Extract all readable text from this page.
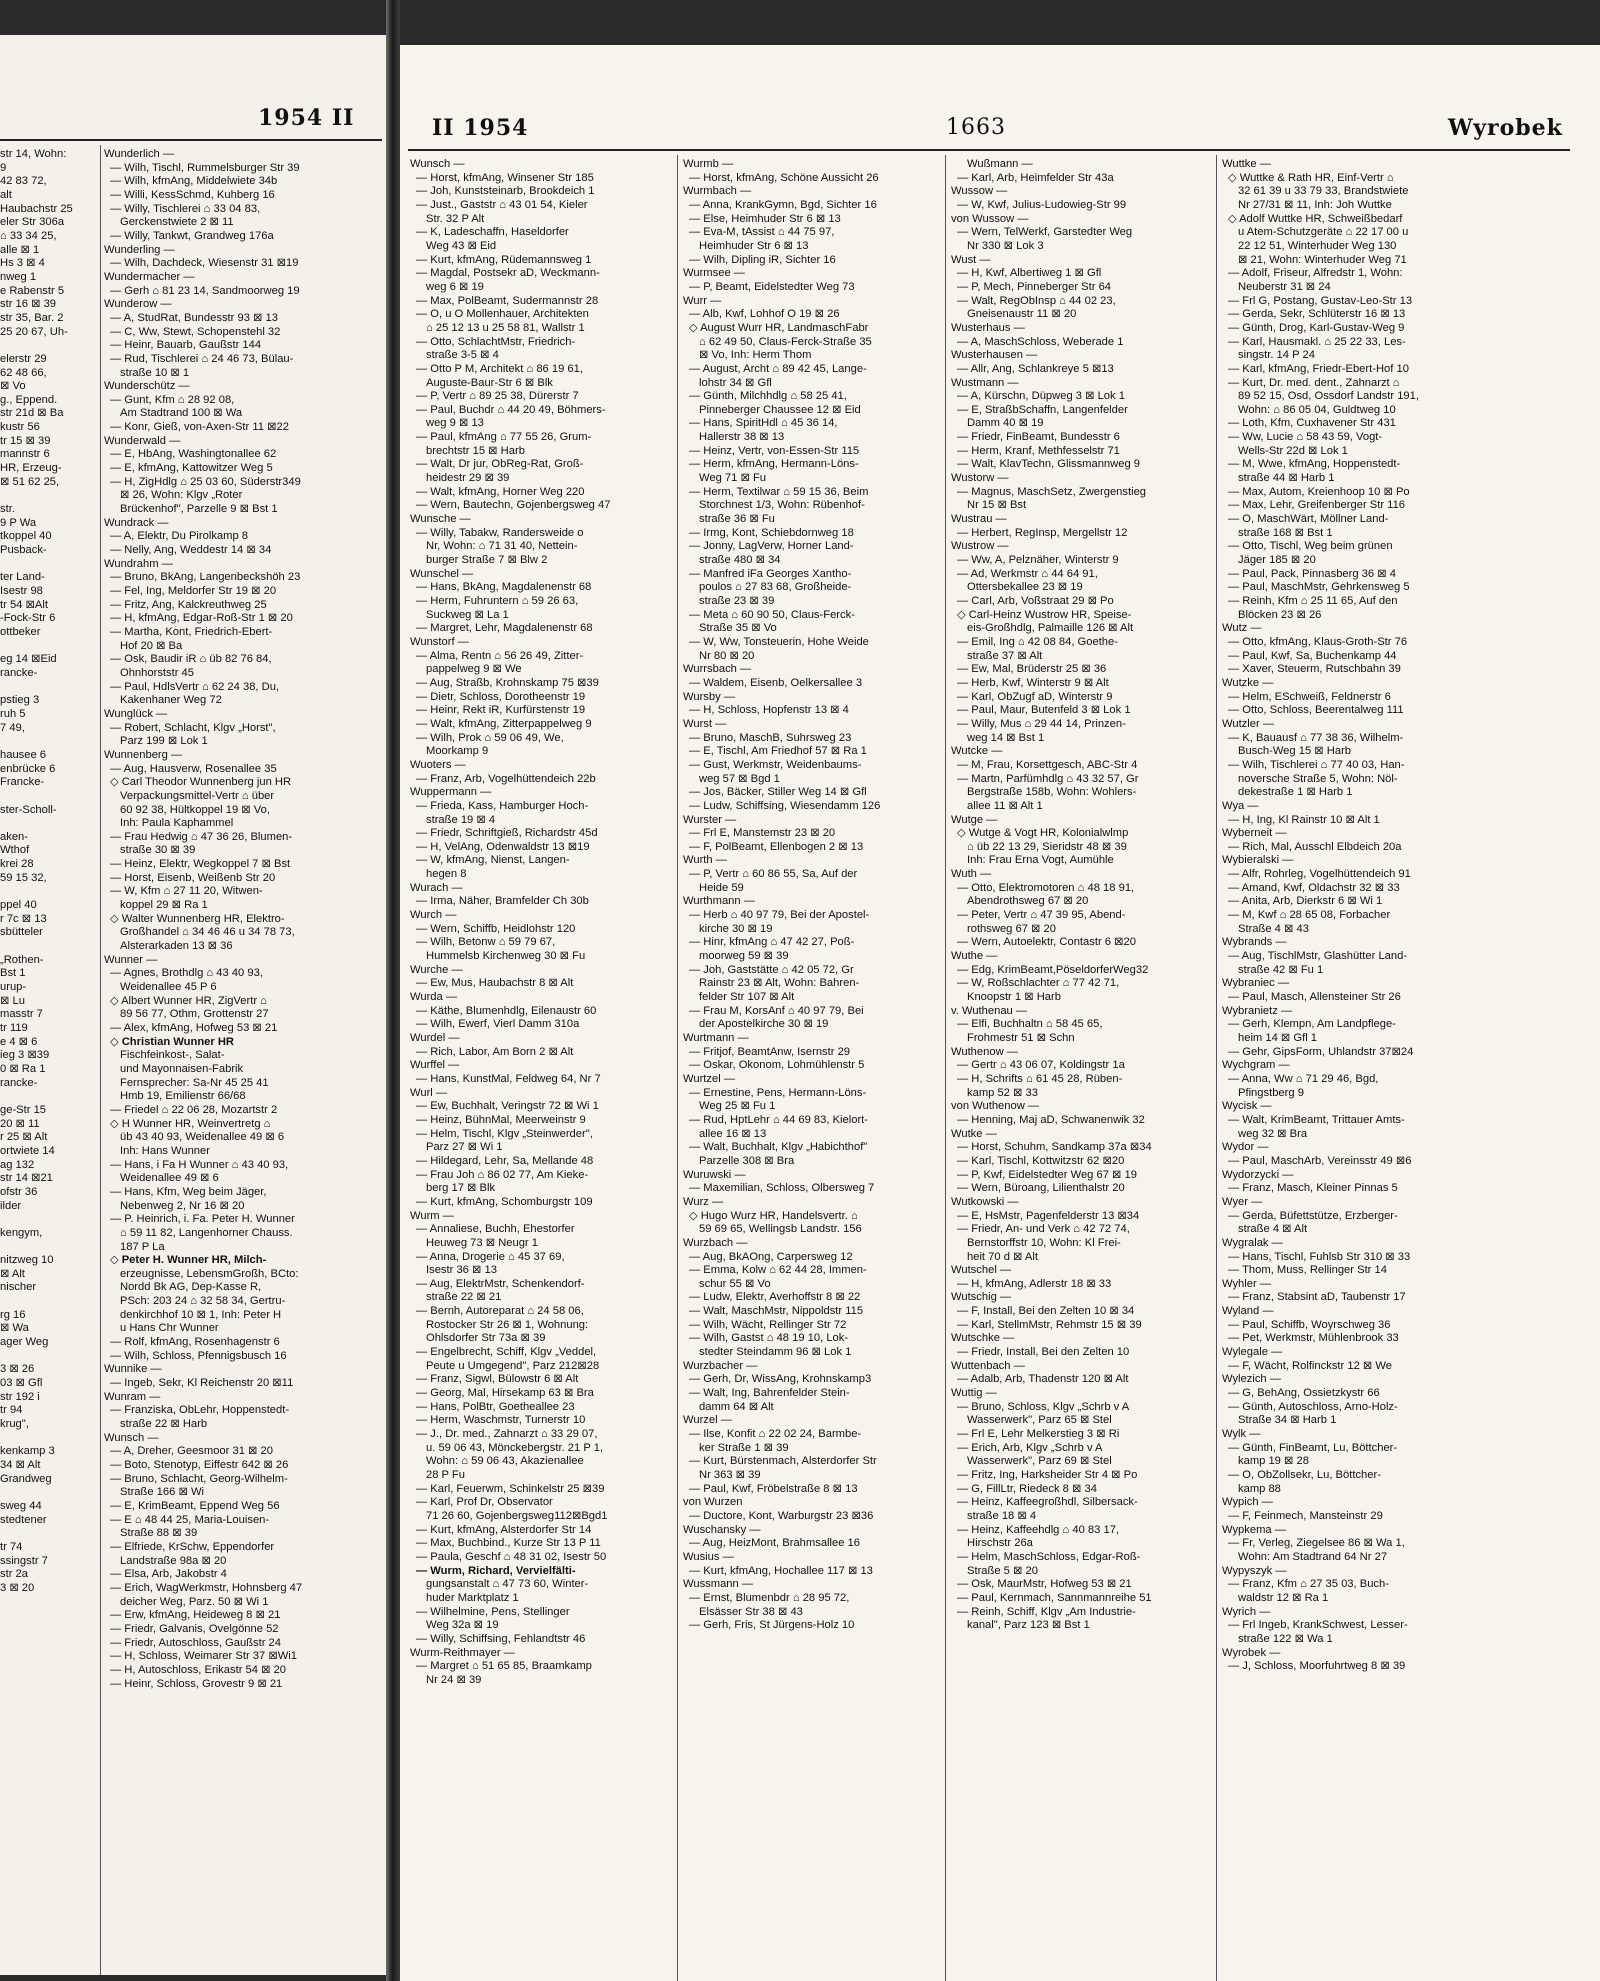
1954 II
str 14, Wohn:
9
42 83 72,
alt
Haubachstr 25
eler Str 306a
⌂ 33 34 25,
alle ⊠ 1
Hs 3 ⊠ 4
nweg 1
e Rabenstr 5
str 16 ⊠ 39
str 35, Bar. 2
25 20 67, Uh-

elerstr 29
62 48 66,
⊠ Vo
g., Eppend.
str 21d ⊠ Ba
kustr 56
tr 15 ⊠ 39
mannstr 6
HR, Erzeug-
⊠ 51 62 25,

str.
9 P Wa
tkoppel 40
Pusback-

ter Land-
Isestr 98
tr 54 ⊠Alt
-Fock-Str 6
ottbeker

eg 14 ⊠Eid
rancke-

pstieg 3
ruh 5
7 49,

hausee 6
enbrücke 6
Francke-

ster-Scholl-

aken-
Wthof
krei 28
59 15 32,

ppel 40
r 7c ⊠ 13
sbütteler

„Rothen-
Bst 1
urup-
⊠ Lu
masstr 7
tr 119
e 4 ⊠ 6
ieg 3 ⊠39
0 ⊠ Ra 1
rancke-

ge-Str 15
20 ⊠ 11
r 25 ⊠ Alt
ortwiete 14
ag 132
str 14 ⊠21
ofstr 36
ilder

kengym,

nitzweg 10
⊠ Alt
nischer

rg 16
⊠ Wa
ager Weg

3 ⊠ 26
03 ⊠ Gfl
str 192 i
tr 94
krug",

kenkamp 3
34 ⊠ Alt
Grandweg

sweg 44
stedtener

tr 74
ssingstr 7
str 2a
3 ⊠ 20
Wunderlich —
— Wilh, Tischl, Rummelsburger Str 39
— Wilh, kfmAng, Middelwiete 34b
— Willi, KessSchmd, Kuhberg 16
— Willy, Tischlerei ⌂ 33 04 83,
Gerckenstwiete 2 ⊠ 11
— Willy, Tankwt, Grandweg 176a
Wunderling —
— Wilh, Dachdeck, Wiesenstr 31 ⊠19
Wundermacher —
— Gerh ⌂ 81 23 14, Sandmoorweg 19
Wunderow —
— A, StudRat, Bundesstr 93 ⊠ 13
— C, Ww, Stewt, Schopenstehl 32
— Heinr, Bauarb, Gaußstr 144
— Rud, Tischlerei ⌂ 24 46 73, Bülau-
straße 10 ⊠ 1
Wunderschütz —
— Gunt, Kfm ⌂ 28 92 08,
Am Stadtrand 100 ⊠ Wa
— Konr, Gieß, von-Axen-Str 11 ⊠22
Wunderwald —
— E, HbAng, Washingtonallee 62
— E, kfmAng, Kattowitzer Weg 5
— H, ZigHdlg ⌂ 25 03 60, Süderstr349
⊠ 26, Wohn: Klgv „Roter
Brückenhof", Parzelle 9 ⊠ Bst 1
Wundrack —
— A, Elektr, Du Pirolkamp 8
— Nelly, Ang, Weddestr 14 ⊠ 34
Wundrahm —
— Bruno, BkAng, Langenbeckshöh 23
— Fel, Ing, Meldorfer Str 19 ⊠ 20
— Fritz, Ang, Kalckreuthweg 25
— H, kfmAng, Edgar-Roß-Str 1 ⊠ 20
— Martha, Kont, Friedrich-Ebert-
Hof 20 ⊠ Ba
— Osk, Baudir iR ⌂ üb 82 76 84,
Ohnhorststr 45
— Paul, HdlsVertr ⌂ 62 24 38, Du,
Kakenhaner Weg 72
Wunglück —
— Robert, Schlacht, Klgv „Horst",
Parz 199 ⊠ Lok 1
Wunnenberg —
— Aug, Hausverw, Rosenallee 35
◇ Carl Theodor Wunnenberg jun HR
Verpackungsmittel-Vertr ⌂ über
60 92 38, Hültkoppel 19 ⊠ Vo,
Inh: Paula Kaphammel
— Frau Hedwig ⌂ 47 36 26, Blumen-
straße 30 ⊠ 39
— Heinz, Elektr, Wegkoppel 7 ⊠ Bst
— Horst, Eisenb, Weißenb Str 20
— W, Kfm ⌂ 27 11 20, Witwen-
koppel 29 ⊠ Ra 1
◇ Walter Wunnenberg HR, Elektro-
Großhandel ⌂ 34 46 46 u 34 78 73,
Alsterarkaden 13 ⊠ 36
Wunner —
— Agnes, Brothdlg ⌂ 43 40 93,
Weidenallee 45 P 6
◇ Albert Wunner HR, ZigVertr ⌂
89 56 77, Othm, Grottenstr 27
— Alex, kfmAng, Hofweg 53 ⊠ 21
◇ Christian Wunner HR
Fischfeinkost-, Salat-
und Mayonnaisen-Fabrik
Fernsprecher: Sa-Nr 45 25 41
Hmb 19, Emilienstr 66/68
— Friedel ⌂ 22 06 28, Mozartstr 2
◇ H Wunner HR, Weinvertretg ⌂
üb 43 40 93, Weidenallee 49 ⊠ 6
Inh: Hans Wunner
— Hans, i Fa H Wunner ⌂ 43 40 93,
Weidenallee 49 ⊠ 6
— Hans, Kfm, Weg beim Jäger,
Nebenweg 2, Nr 16 ⊠ 20
— P. Heinrich, i. Fa. Peter H. Wunner
⌂ 59 11 82, Langenhorner Chauss.
187 P La
◇ Peter H. Wunner HR, Milch-
erzeugnisse, LebensmGroßh, BCto:
Nordd Bk AG, Dep-Kasse R,
PSch: 203 24 ⌂ 32 58 34, Gertru-
denkirchhof 10 ⊠ 1, Inh: Peter H
u Hans Chr Wunner
— Rolf, kfmAng, Rosenhagenstr 6
— Wilh, Schloss, Pfennigsbusch 16
Wunnike —
— Ingeb, Sekr, Kl Reichenstr 20 ⊠11
Wunram —
— Franziska, ObLehr, Hoppenstedt-
straße 22 ⊠ Harb
Wunsch —
— A, Dreher, Geesmoor 31 ⊠ 20
— Boto, Stenotyp, Eiffestr 642 ⊠ 26
— Bruno, Schlacht, Georg-Wilhelm-
Straße 166 ⊠ Wi
— E, KrimBeamt, Eppend Weg 56
— E ⌂ 48 44 25, Maria-Louisen-
Straße 88 ⊠ 39
— Elfriede, KrSchw, Eppendorfer
Landstraße 98a ⊠ 20
— Elsa, Arb, Jakobstr 4
— Erich, WagWerkmstr, Hohnsberg 47
deicher Weg, Parz. 50 ⊠ Wi 1
— Erw, kfmAng, Heideweg 8 ⊠ 21
— Friedr, Galvanis, Ovelgönne 52
— Friedr, Autoschloss, Gaußstr 24
— H, Schloss, Weimarer Str 37 ⊠Wi1
— H, Autoschloss, Erikastr 54 ⊠ 20
— Heinr, Schloss, Grovestr 9 ⊠ 21
II 1954	1663	Wyrobek
Wunsch —
— Horst, kfmAng, Winsener Str 185
— Joh, Kunststeinarb, Brookdeich 1
— Just., Gaststr ⌂ 43 01 54, Kieler
Str. 32 P Alt
— K, Ladeschaffn, Haseldorfer
Weg 43 ⊠ Eid
— Kurt, kfmAng, Rüdemannsweg 1
— Magdal, Postsekr aD, Weckmann-
weg 6 ⊠ 19
— Max, PolBeamt, Sudermannstr 28
— O, u O Mollenhauer, Architekten
⌂ 25 12 13 u 25 58 81, Wallstr 1
— Otto, SchlachtMstr, Friedrich-
straße 3-5 ⊠ 4
— Otto P M, Architekt ⌂ 86 19 61,
Auguste-Baur-Str 6 ⊠ Blk
— P, Vertr ⌂ 89 25 38, Dürerstr 7
— Paul, Buchdr ⌂ 44 20 49, Böhmers-
weg 9 ⊠ 13
— Paul, kfmAng ⌂ 77 55 26, Grum-
brechtstr 15 ⊠ Harb
— Walt, Dr jur, ObReg-Rat, Groß-
heidestr 29 ⊠ 39
— Walt, kfmAng, Horner Weg 220
— Wern, Bautechn, Gojenbergsweg 47
Wunsche —
— Willy, Tabakw, Randersweide o
Nr, Wohn: ⌂ 71 31 40, Nettein-
burger Straße 7 ⊠ Blw 2
Wunschel —
— Hans, BkAng, Magdalenenstr 68
— Herm, Fuhruntern ⌂ 59 26 63,
Suckweg ⊠ La 1
— Margret, Lehr, Magdalenenstr 68
Wunstorf —
— Alma, Rentn ⌂ 56 26 49, Zitter-
pappelweg 9 ⊠ We
— Aug, Straßb, Krohnskamp 75 ⊠39
— Dietr, Schloss, Dorotheenstr 19
— Heinr, Rekt iR, Kurfürstenstr 19
— Walt, kfmAng, Zitterpappelweg 9
— Wilh, Prok ⌂ 59 06 49, We,
Moorkamp 9
Wuoters —
— Franz, Arb, Vogelhüttendeich 22b
Wuppermann —
— Frieda, Kass, Hamburger Hoch-
straße 19 ⊠ 4
— Friedr, Schriftgieß, Richardstr 45d
— H, VelAng, Odenwaldstr 13 ⊠19
— W, kfmAng, Nienst, Langen-
hegen 8
Wurach —
— Irma, Näher, Bramfelder Ch 30b
Wurch —
— Wern, Schiffb, Heidlohstr 120
— Wilh, Betonw ⌂ 59 79 67,
Hummelsb Kirchenweg 30 ⊠ Fu
Wurche —
— Ew, Mus, Haubachstr 8 ⊠ Alt
Wurda —
— Käthe, Blumenhdlg, Eilenaustr 60
— Wilh, Ewerf, Vierl Damm 310a
Wurdel —
— Rich, Labor, Am Born 2 ⊠ Alt
Wurffel —
— Hans, KunstMal, Feldweg 64, Nr 7
Wurl —
— Ew, Buchhalt, Veringstr 72 ⊠ Wi 1
— Heinz, BühnMal, Meerweinstr 9
— Helm, Tischl, Klgv „Steinwerder",
Parz 27 ⊠ Wi 1
— Hildegard, Lehr, Sa, Mellande 48
— Frau Joh ⌂ 86 02 77, Am Kieke-
berg 17 ⊠ Blk
— Kurt, kfmAng, Schomburgstr 109
Wurm —
— Annaliese, Buchh, Ehestorfer
Heuweg 73 ⊠ Neugr 1
— Anna, Drogerie ⌂ 45 37 69,
Isestr 36 ⊠ 13
— Aug, ElektrMstr, Schenkendorf-
straße 22 ⊠ 21
— Bernh, Autoreparat ⌂ 24 58 06,
Rostocker Str 26 ⊠ 1, Wohnung:
Ohlsdorfer Str 73a ⊠ 39
— Engelbrecht, Schiff, Klgv „Veddel,
Peute u Umgegend", Parz 212⊠28
— Franz, Sigwl, Bülowstr 6 ⊠ Alt
— Georg, Mal, Hirsekamp 63 ⊠ Bra
— Hans, PolBtr, Goetheallee 23
— Herm, Waschmstr, Turnerstr 10
— J., Dr. med., Zahnarzt ⌂ 33 29 07,
u. 59 06 43, Mönckebergstr. 21 P 1,
Wohn: ⌂ 59 06 43, Akazienallee
28 P Fu
— Karl, Feuerwm, Schinkelstr 25 ⊠39
— Karl, Prof Dr, Observator
71 26 60, Gojenbergsweg112⊠Bgd1
— Kurt, kfmAng, Alsterdorfer Str 14
— Max, Buchbind., Kurze Str 13 P 11
— Paula, Geschf ⌂ 48 31 02, Isestr 50
— Wurm, Richard, Vervielfälti-
gungsanstalt ⌂ 47 73 60, Winter-
huder Marktplatz 1
— Wilhelmine, Pens, Stellinger
Weg 32a ⊠ 19
— Willy, Schiffsing, Fehlandtstr 46
Wurm-Reithmayer —
— Margret ⌂ 51 65 85, Braamkamp
Nr 24 ⊠ 39
Wurmb —
— Horst, kfmAng, Schöne Aussicht 26
Wurmbach —
— Anna, KrankGymn, Bgd, Sichter 16
— Else, Heimhuder Str 6 ⊠ 13
— Eva-M, tAssist ⌂ 44 75 97,
Heimhuder Str 6 ⊠ 13
— Wilh, Dipling iR, Sichter 16
Wurmsee —
— P, Beamt, Eidelstedter Weg 73
Wurr —
— Alb, Kwf, Lohhof O 19 ⊠ 26
◇ August Wurr HR, LandmaschFabr
⌂ 62 49 50, Claus-Ferck-Straße 35
⊠ Vo, Inh: Herm Thom
— August, Archt ⌂ 89 42 45, Lange-
lohstr 34 ⊠ Gfl
— Günth, Milchhdlg ⌂ 58 25 41,
Pinneberger Chaussee 12 ⊠ Eid
— Hans, SpiritHdl ⌂ 45 36 14,
Hallerstr 38 ⊠ 13
— Heinz, Vertr, von-Essen-Str 115
— Herm, kfmAng, Hermann-Löns-
Weg 71 ⊠ Fu
— Herm, Textilwar ⌂ 59 15 36, Beim
Storchnest 1/3, Wohn: Rübenhof-
straße 36 ⊠ Fu
— Irmg, Kont, Schiebdornweg 18
— Jonny, LagVerw, Horner Land-
straße 480 ⊠ 34
— Manfred iFa Georges Xantho-
poulos ⌂ 27 83 68, Großheide-
straße 23 ⊠ 39
— Meta ⌂ 60 90 50, Claus-Ferck-
Straße 35 ⊠ Vo
— W, Ww, Tonsteuerin, Hohe Weide
Nr 80 ⊠ 20
Wurrsbach —
— Waldem, Eisenb, Oelkersallee 3
Wursby —
— H, Schloss, Hopfenstr 13 ⊠ 4
Wurst —
— Bruno, MaschB, Suhrsweg 23
— E, Tischl, Am Friedhof 57 ⊠ Ra 1
— Gust, Werkmstr, Weidenbaums-
weg 57 ⊠ Bgd 1
— Jos, Bäcker, Stiller Weg 14 ⊠ Gfl
— Ludw, Schiffsing, Wiesendamm 126
Wurster —
— Frl E, Manstemstr 23 ⊠ 20
— F, PolBeamt, Ellenbogen 2 ⊠ 13
Wurth —
— P, Vertr ⌂ 60 86 55, Sa, Auf der
Heide 59
Wurthmann —
— Herb ⌂ 40 97 79, Bei der Apostel-
kirche 30 ⊠ 19
— Hinr, kfmAng ⌂ 47 42 27, Poß-
moorweg 59 ⊠ 39
— Joh, Gaststätte ⌂ 42 05 72, Gr
Rainstr 23 ⊠ Alt, Wohn: Bahren-
felder Str 107 ⊠ Alt
— Frau M, KorsAnf ⌂ 40 97 79, Bei
der Apostelkirche 30 ⊠ 19
Wurtmann —
— Fritjof, BeamtAnw, Isernstr 29
— Oskar, Okonom, Lohmühlenstr 5
Wurtzel —
— Ernestine, Pens, Hermann-Löns-
Weg 25 ⊠ Fu 1
— Rud, HptLehr ⌂ 44 69 83, Kielort-
allee 16 ⊠ 13
— Walt, Buchhalt, Klgv „Habichthof"
Parzelle 308 ⊠ Bra
Wuruwski —
— Maxemilian, Schloss, Olbersweg 7
Wurz —
◇ Hugo Wurz HR, Handelsvertr. ⌂
59 69 65, Wellingsb Landstr. 156
Wurzbach —
— Aug, BkAOng, Carpersweg 12
— Emma, Kolw ⌂ 62 44 28, Immen-
schur 55 ⊠ Vo
— Ludw, Elektr, Averhoffstr 8 ⊠ 22
— Walt, MaschMstr, Nippoldstr 115
— Wilh, Wächt, Rellinger Str 72
— Wilh, Gastst ⌂ 48 19 10, Lok-
stedter Steindamm 96 ⊠ Lok 1
Wurzbacher —
— Gerh, Dr, WissAng, Krohnskamp3
— Walt, Ing, Bahrenfelder Stein-
damm 64 ⊠ Alt
Wurzel —
— Ilse, Konfit ⌂ 22 02 24, Barmbe-
ker Straße 1 ⊠ 39
— Kurt, Bürstenmach, Alsterdorfer Str
Nr 363 ⊠ 39
— Paul, Kwf, Fröbelstraße 8 ⊠ 13
von Wurzen
— Ductore, Kont, Warburgstr 23 ⊠36
Wuschansky —
— Aug, HeizMont, Brahmsallee 16
Wusius —
— Kurt, kfmAng, Hochallee 117 ⊠ 13
Wussmann —
— Ernst, Blumenbdr ⌂ 28 95 72,
Elsässer Str 38 ⊠ 43
— Gerh, Fris, St Jürgens-Holz 10
Wußmann —
— Karl, Arb, Heimfelder Str 43a
Wussow —
— W, Kwf, Julius-Ludowieg-Str 99
von Wussow —
— Wern, TelWerkf, Garstedter Weg
Nr 330 ⊠ Lok 3
Wust —
— H, Kwf, Albertiweg 1 ⊠ Gfl
— P, Mech, Pinneberger Str 64
— Walt, RegObInsp ⌂ 44 02 23,
Gneisenaustr 11 ⊠ 20
Wusterhaus —
— A, MaschSchloss, Weberade 1
Wusterhausen —
— Allr, Ang, Schlankreye 5 ⊠13
Wustmann —
— A, Kürschn, Düpweg 3 ⊠ Lok 1
— E, StraßbSchaffn, Langenfelder
Damm 40 ⊠ 19
— Friedr, FinBeamt, Bundesstr 6
— Herm, Kranf, Methfesselstr 71
— Walt, KlavTechn, Glissmannweg 9
Wustorw —
— Magnus, MaschSetz, Zwergenstieg
Nr 15 ⊠ Bst
Wustrau —
— Herbert, RegInsp, Mergellstr 12
Wustrow —
— Ww, A, Pelznäher, Winterstr 9
— Ad, Werkmstr ⌂ 44 64 91,
Ottersbekallee 23 ⊠ 19
— Carl, Arb, Voßstraat 29 ⊠ Po
◇ Carl-Heinz Wustrow HR, Speise-
eis-Großhdlg, Palmaille 126 ⊠ Alt
— Emil, Ing ⌂ 42 08 84, Goethe-
straße 37 ⊠ Alt
— Ew, Mal, Brüderstr 25 ⊠ 36
— Herb, Kwf, Winterstr 9 ⊠ Alt
— Karl, ObZugf aD, Winterstr 9
— Paul, Maur, Butenfeld 3 ⊠ Lok 1
— Willy, Mus ⌂ 29 44 14, Prinzen-
weg 14 ⊠ Bst 1
Wutcke —
— M, Frau, Korsettgesch, ABC-Str 4
— Martn, Parfümhdlg ⌂ 43 32 57, Gr
Bergstraße 158b, Wohn: Wohlers-
allee 11 ⊠ Alt 1
Wutge —
◇ Wutge & Vogt HR, Kolonialwlmp
⌂ üb 22 13 29, Sieridstr 48 ⊠ 39
Inh: Frau Erna Vogt, Aumühle
Wuth —
— Otto, Elektromotoren ⌂ 48 18 91,
Abendrothsweg 67 ⊠ 20
— Peter, Vertr ⌂ 47 39 95, Abend-
rothsweg 67 ⊠ 20
— Wern, Autoelektr, Contastr 6 ⊠20
Wuthe —
— Edg, KrimBeamt,PöseldorferWeg32
— W, Roßschlachter ⌂ 77 42 71,
Knoopstr 1 ⊠ Harb
v. Wuthenau —
— Elfi, Buchhaltn ⌂ 58 45 65,
Frohmestr 51 ⊠ Schn
Wuthenow —
— Gertr ⌂ 43 06 07, Koldingstr 1a
— H, Schrifts ⌂ 61 45 28, Rüben-
kamp 52 ⊠ 33
von Wuthenow —
— Henning, Maj aD, Schwanenwik 32
Wutke —
— Horst, Schuhm, Sandkamp 37a ⊠34
— Karl, Tischl, Kottwitzstr 62 ⊠20
— P, Kwf, Eidelstedter Weg 67 ⊠ 19
— Wern, Büroang, Lilienthalstr 20
Wutkowski —
— E, HsMstr, Pagenfelderstr 13 ⊠34
— Friedr, An- und Verk ⌂ 42 72 74,
Bernstorffstr 10, Wohn: Kl Frei-
heit 70 d ⊠ Alt
Wutschel —
— H, kfmAng, Adlerstr 18 ⊠ 33
Wutschig —
— F, Install, Bei den Zelten 10 ⊠ 34
— Karl, StellmMstr, Rehmstr 15 ⊠ 39
Wutschke —
— Friedr, Install, Bei den Zelten 10
Wuttenbach —
— Adalb, Arb, Thadenstr 120 ⊠ Alt
Wuttig —
— Bruno, Schloss, Klgv „Schrb v A
Wasserwerk", Parz 65 ⊠ Stel
— Frl E, Lehr Melkerstieg 3 ⊠ Ri
— Erich, Arb, Klgv „Schrb v A
Wasserwerk", Parz 69 ⊠ Stel
— Fritz, Ing, Harksheider Str 4 ⊠ Po
— G, FillLtr, Riedeck 8 ⊠ 34
— Heinz, Kaffeegroßhdl, Silbersack-
straße 18 ⊠ 4
— Heinz, Kaffeehdlg ⌂ 40 83 17,
Hirschstr 26a
— Helm, MaschSchloss, Edgar-Roß-
Straße 5 ⊠ 20
— Osk, MaurMstr, Hofweg 53 ⊠ 21
— Paul, Kernmach, Sannmannreihe 51
— Reinh, Schiff, Klgv „Am Industrie-
kanal", Parz 123 ⊠ Bst 1
Wuttke —
◇ Wuttke & Rath HR, Einf-Vertr ⌂
32 61 39 u 33 79 33, Brandstwiete
Nr 27/31 ⊠ 11, Inh: Joh Wuttke
◇ Adolf Wuttke HR, Schweißbedarf
u Atem-Schutzgeräte ⌂ 22 17 00 u
22 12 51, Winterhuder Weg 130
⊠ 21, Wohn: Winterhuder Weg 71
— Adolf, Friseur, Alfredstr 1, Wohn:
Neuberstr 31 ⊠ 24
— Frl G, Postang, Gustav-Leo-Str 13
— Gerda, Sekr, Schlüterstr 16 ⊠ 13
— Günth, Drog, Karl-Gustav-Weg 9
— Karl, Hausmakl. ⌂ 25 22 33, Les-
singstr. 14 P 24
— Karl, kfmAng, Friedr-Ebert-Hof 10
— Kurt, Dr. med. dent., Zahnarzt ⌂
89 52 15, Osd, Ossdorf Landstr 191,
Wohn: ⌂ 86 05 04, Guldtweg 10
— Loth, Kfm, Cuxhavener Str 431
— Ww, Lucie ⌂ 58 43 59, Vogt-
Wells-Str 22d ⊠ Lok 1
— M, Wwe, kfmAng, Hoppenstedt-
straße 44 ⊠ Harb 1
— Max, Autom, Kreienhoop 10 ⊠ Po
— Max, Lehr, Greifenberger Str 116
— O, MaschWärt, Möllner Land-
straße 168 ⊠ Bst 1
— Otto, Tischl, Weg beim grünen
Jäger 185 ⊠ 20
— Paul, Pack, Pinnasberg 36 ⊠ 4
— Paul, MaschMstr, Gehrkensweg 5
— Reinh, Kfm ⌂ 25 11 65, Auf den
Blöcken 23 ⊠ 26
Wutz —
— Otto, kfmAng, Klaus-Groth-Str 76
— Paul, Kwf, Sa, Buchenkamp 44
— Xaver, Steuerm, Rutschbahn 39
Wutzke —
— Helm, ESchweiß, Feldnerstr 6
— Otto, Schloss, Beerentalweg 111
Wutzler —
— K, Bauausf ⌂ 77 38 36, Wilhelm-
Busch-Weg 15 ⊠ Harb
— Wilh, Tischlerei ⌂ 77 40 03, Han-
noversche Straße 5, Wohn: Nöl-
dekestraße 1 ⊠ Harb 1
Wya —
— H, Ing, Kl Rainstr 10 ⊠ Alt 1
Wyberneit —
— Rich, Mal, Ausschl Elbdeich 20a
Wybieralski —
— Alfr, Rohrleg, Vogelhüttendeich 91
— Amand, Kwf, Oldachstr 32 ⊠ 33
— Anita, Arb, Dierkstr 6 ⊠ Wi 1
— M, Kwf ⌂ 28 65 08, Forbacher
Straße 4 ⊠ 43
Wybrands —
— Aug, TischlMstr, Glashütter Land-
straße 42 ⊠ Fu 1
Wybraniec —
— Paul, Masch, Allensteiner Str 26
Wybranietz —
— Gerh, Klempn, Am Landpflege-
heim 14 ⊠ Gfl 1
— Gehr, GipsForm, Uhlandstr 37⊠24
Wychgram —
— Anna, Ww ⌂ 71 29 46, Bgd,
Pfingstberg 9
Wycisk —
— Walt, KrimBeamt, Trittauer Amts-
weg 32 ⊠ Bra
Wydor —
— Paul, MaschArb, Vereinsstr 49 ⊠6
Wydorzycki —
— Franz, Masch, Kleiner Pinnas 5
Wyer —
— Gerda, Büfettstütze, Erzberger-
straße 4 ⊠ Alt
Wygralak —
— Hans, Tischl, Fuhlsb Str 310 ⊠ 33
— Thom, Muss, Rellinger Str 14
Wyhler —
— Franz, Stabsint aD, Taubenstr 17
Wyland —
— Paul, Schiffb, Woyrschweg 36
— Pet, Werkmstr, Mühlenbrook 33
Wylegale —
— F, Wächt, Rolfinckstr 12 ⊠ We
Wylezich —
— G, BehAng, Ossietzkystr 66
— Günth, Autoschloss, Arno-Holz-
Straße 34 ⊠ Harb 1
Wylk —
— Günth, FinBeamt, Lu, Böttcher-
kamp 19 ⊠ 28
— O, ObZollsekr, Lu, Böttcher-
kamp 88
Wypich —
— F, Feinmech, Mansteinstr 29
Wypkema —
— Fr, Verleg, Ziegelsee 86 ⊠ Wa 1,
Wohn: Am Stadtrand 64 Nr 27
Wypyszyk —
— Franz, Kfm ⌂ 27 35 03, Buch-
waldstr 12 ⊠ Ra 1
Wyrich —
— Frl Ingeb, KrankSchwest, Lesser-
straße 122 ⊠ Wa 1
Wyrobek —
— J, Schloss, Moorfuhrtweg 8 ⊠ 39
